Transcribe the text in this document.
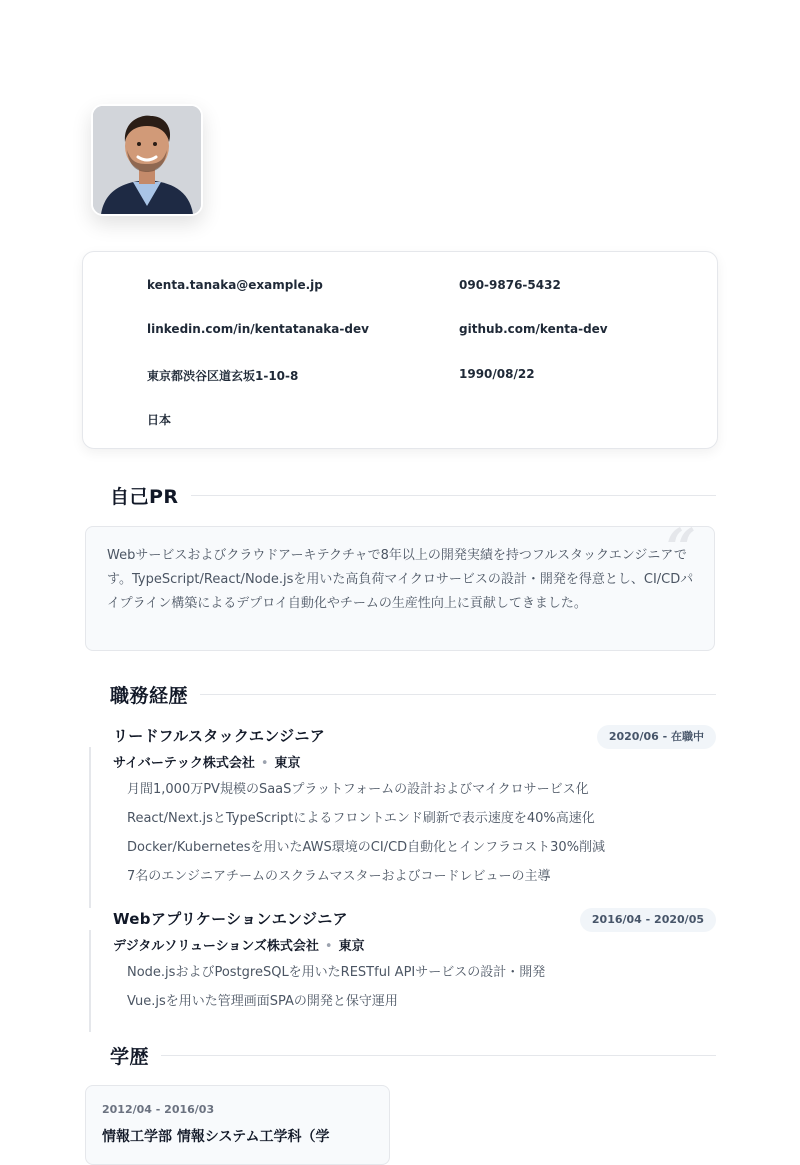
kenta.tanaka@example.jp	090-9876-5432
linkedin.com/in/kentatanaka-dev	github.com/kenta-dev
東京都渋谷区道玄坂1-10-8	1990/08/22
日本
自己PR
“

Webサービスおよびクラウドアーキテクチャで8年以上の開発実績を持つフルスタックエンジニアです。TypeScript/React/Node.jsを用いた高負荷マイクロサービスの設計・開発を得意とし、CI/CDパイプライン構築によるデプロイ自動化やチームの生産性向上に貢献してきました。

職務経歴
リードフルスタックエンジニア	2020/06 - 在職中
サイバーテック株式会社 • 東京
月間1,000万PV規模のSaaSプラットフォームの設計およびマイクロサービス化
React/Next.jsとTypeScriptによるフロントエンド刷新で表示速度を40%高速化
Docker/Kubernetesを用いたAWS環境のCI/CD自動化とインフラコスト30%削減
7名のエンジニアチームのスクラムマスターおよびコードレビューの主導
Webアプリケーションエンジニア	2016/04 - 2020/05
デジタルソリューションズ株式会社 • 東京
Node.jsおよびPostgreSQLを用いたRESTful APIサービスの設計・開発
Vue.jsを用いた管理画面SPAの開発と保守運用
学歴
2012/04 - 2016/03
情報工学部 情報システム工学科（学
